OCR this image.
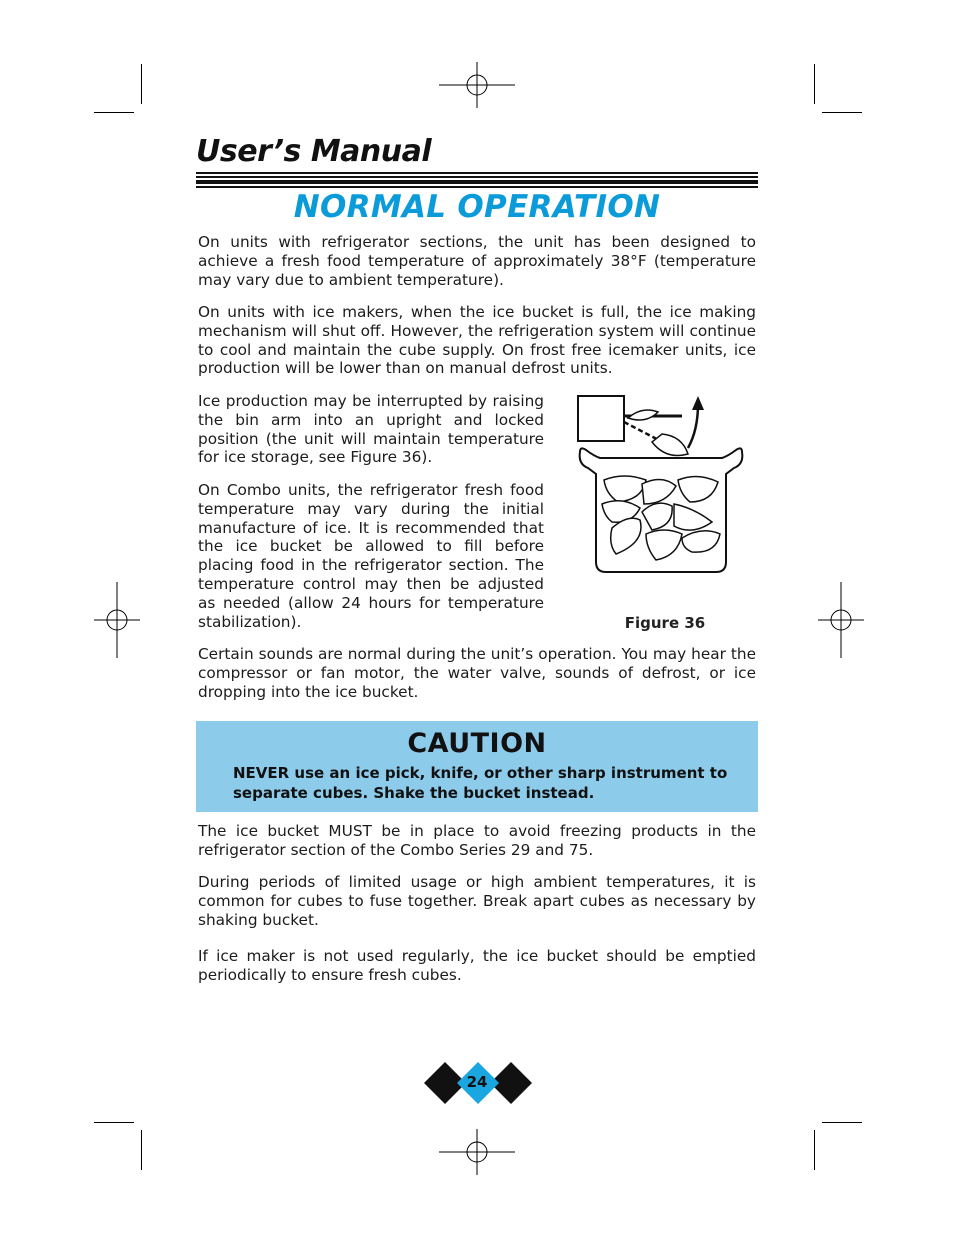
User’s Manual
NORMAL OPERATION

On units with refrigerator sections, the unit has been designed to achieve a fresh food temperature of approximately 38°F (temperature may vary due to ambient temperature).

On units with ice makers, when the ice bucket is full, the ice making mechanism will shut off. However, the refrigeration system will continue to cool and maintain the cube supply. On frost free icemaker units, ice production will be lower than on manual defrost units.

Ice production may be interrupted by raising the bin arm into an upright and locked position (the unit will maintain temperature for ice storage, see Figure 36).

On Combo units, the refrigerator fresh food temperature may vary during the initial manufacture of ice. It is recommended that the ice bucket be allowed to fill before placing food in the refrigerator section. The temperature control may then be adjusted as needed (allow 24 hours for temperature stabilization).	Figure 36

Certain sounds are normal during the unit’s operation. You may hear the compressor or fan motor, the water valve, sounds of defrost, or ice dropping into the ice bucket.

CAUTION
NEVER use an ice pick, knife, or other sharp instrument to separate cubes. Shake the bucket instead.

The ice bucket MUST be in place to avoid freezing products in the refrigerator section of the Combo Series 29 and 75.

During periods of limited usage or high ambient temperatures, it is common for cubes to fuse together. Break apart cubes as necessary by shaking bucket.

If ice maker is not used regularly, the ice bucket should be emptied periodically to ensure fresh cubes.

24
